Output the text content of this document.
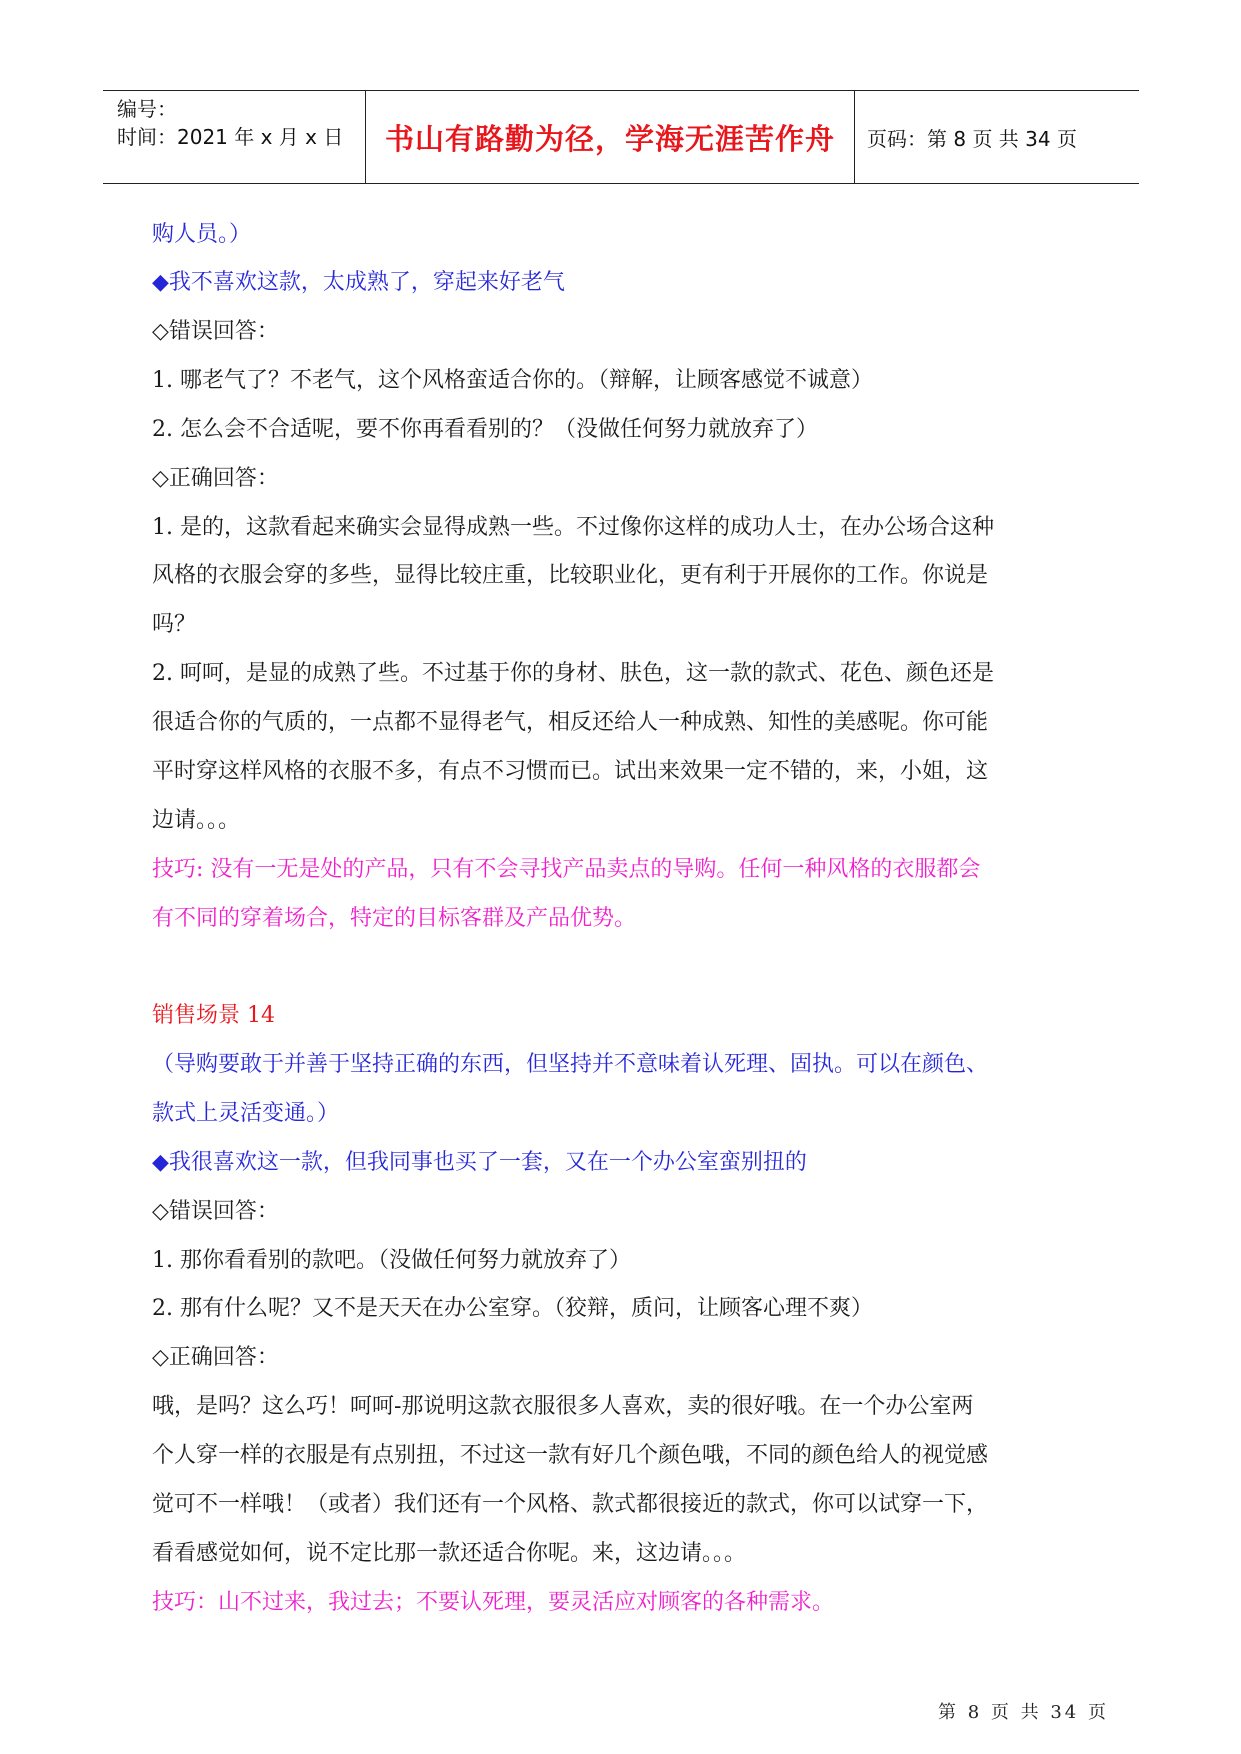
编号：
时间：2021 年 x 月 x 日 书山有路勤为径，学海无涯苦作舟 页码：第 8 页 共 34 页
购人员。）
◆我不喜欢这款，太成熟了，穿起来好老气
◇错误回答：
1. 哪老气了？不老气，这个风格蛮适合你的。（辩解，让顾客感觉不诚意）
2. 怎么会不合适呢，要不你再看看别的？（没做任何努力就放弃了）
◇正确回答：
1. 是的，这款看起来确实会显得成熟一些。不过像你这样的成功人士，在办公场合这种
风格的衣服会穿的多些，显得比较庄重，比较职业化，更有利于开展你的工作。你说是
吗？
2. 呵呵，是显的成熟了些。不过基于你的身材、肤色，这一款的款式、花色、颜色还是
很适合你的气质的，一点都不显得老气，相反还给人一种成熟、知性的美感呢。你可能
平时穿这样风格的衣服不多，有点不习惯而已。试出来效果一定不错的，来，小姐，这
边请。。。
技巧: 没有一无是处的产品，只有不会寻找产品卖点的导购。任何一种风格的衣服都会
有不同的穿着场合，特定的目标客群及产品优势。
销售场景 14
（导购要敢于并善于坚持正确的东西，但坚持并不意味着认死理、固执。可以在颜色、
款式上灵活变通。）
◆我很喜欢这一款，但我同事也买了一套，又在一个办公室蛮别扭的
◇错误回答：
1. 那你看看别的款吧。（没做任何努力就放弃了）
2. 那有什么呢？又不是天天在办公室穿。（狡辩，质问，让顾客心理不爽）
◇正确回答：
哦，是吗？这么巧！呵呵-那说明这款衣服很多人喜欢，卖的很好哦。在一个办公室两
个人穿一样的衣服是有点别扭，不过这一款有好几个颜色哦，不同的颜色给人的视觉感
觉可不一样哦！（或者）我们还有一个风格、款式都很接近的款式，你可以试穿一下，
看看感觉如何，说不定比那一款还适合你呢。来，这边请。。。
技巧：山不过来，我过去；不要认死理，要灵活应对顾客的各种需求。
第 8 页 共 34 页
